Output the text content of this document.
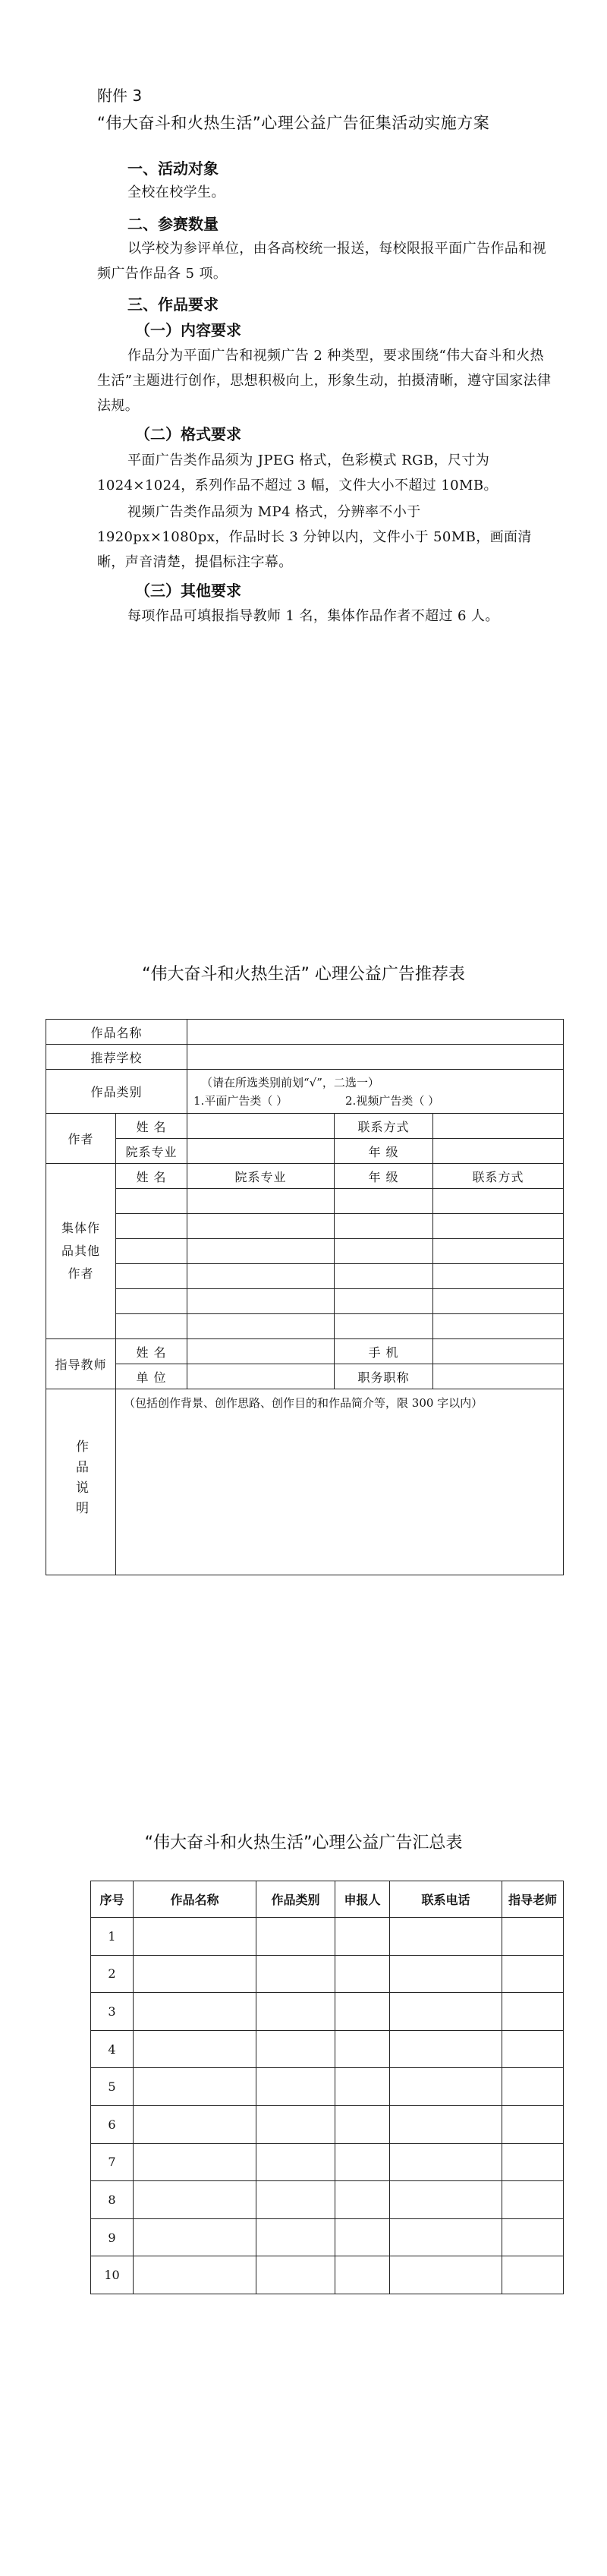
附件 3
“伟大奋斗和火热生活”心理公益广告征集活动实施方案
一、活动对象
全校在校学生。
二、参赛数量
以学校为参评单位，由各高校统一报送，每校限报平面广告作品和视频广告作品各 5 项。
三、作品要求
（一）内容要求
作品分为平面广告和视频广告 2 种类型，要求围绕“伟大奋斗和火热生活”主题进行创作，思想积极向上，形象生动，拍摄清晰，遵守国家法律法规。
（二）格式要求
平面广告类作品须为 JPEG 格式，色彩模式 RGB，尺寸为 1024×1024，系列作品不超过 3 幅，文件大小不超过 10MB。
视频广告类作品须为 MP4 格式，分辨率不小于 1920px×1080px，作品时长 3 分钟以内，文件小于 50MB，画面清晰，声音清楚，提倡标注字幕。
（三）其他要求
每项作品可填报指导教师 1 名，集体作品作者不超过 6 人。
“伟大奋斗和火热生活” 心理公益广告推荐表
作品名称				
推荐学校				
作品类别		（请在所选类别前划“√”，二选一）
1.平面广告类（ ） 2.视频广告类（ ）		

作者	姓 名		联系方式	
	院系专业		年 级	
集体作品其他作者	姓 名	院系专业	年 级	联系方式

指导教师	姓 名		手 机	
	单 位		职务职称	
作品说明	（包括创作背景、创作思路、创作目的和作品简介等，限 300 字以内）			
“伟大奋斗和火热生活”心理公益广告汇总表
序号	作品名称	作品类别	申报人	联系电话	指导老师
1					
2					
3					
4					
5					
6					
7					
8					
9					
10					
